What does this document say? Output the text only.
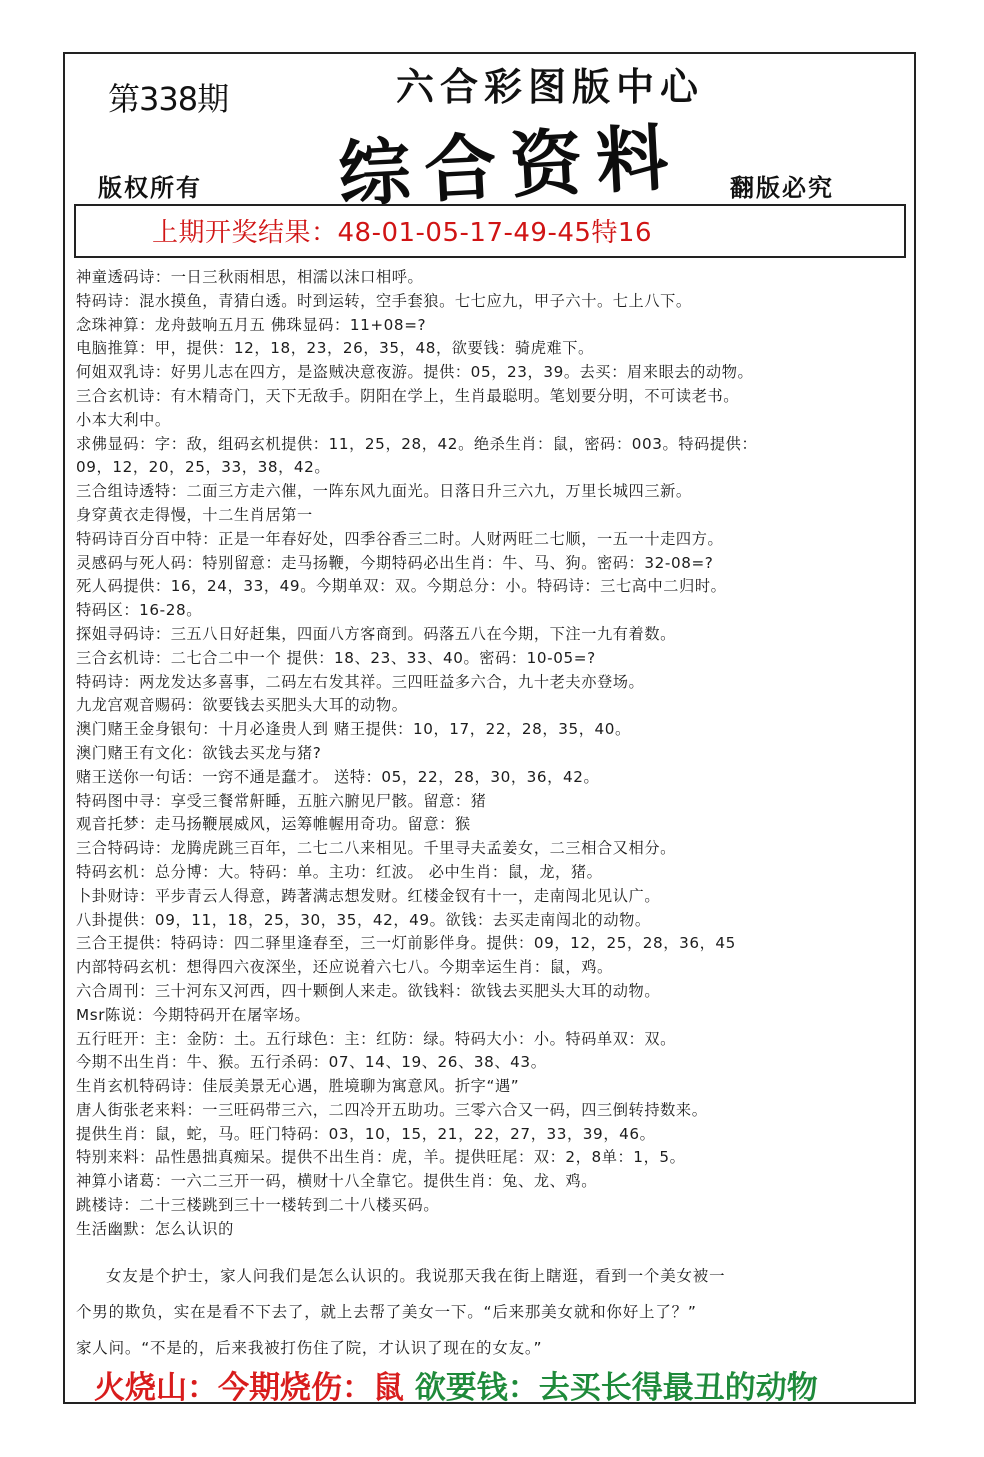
第338期	六合彩图版中心
综合资料
版权所有	翻版必究
上期开奖结果：48-01-05-17-49-45特16
神童透码诗：一日三秋雨相思，相濡以沫口相呼。
特码诗：混水摸鱼，青猜白透。时到运转，空手套狼。七七应九，甲子六十。七上八下。
念珠神算：龙舟鼓响五月五 佛珠显码：11+08=?
电脑推算：甲，提供：12，18，23，26，35，48，欲要钱：骑虎难下。
何姐双乳诗：好男儿志在四方，是盗贼决意夜游。提供：05，23，39。去买：眉来眼去的动物。
三合玄机诗：有木精奇门，天下无敌手。阴阳在学上，生肖最聪明。笔划要分明，不可读老书。
小本大利中。
求佛显码：字：敌，组码玄机提供：11，25，28，42。绝杀生肖：鼠，密码：003。特码提供：
09，12，20，25，33，38，42。
三合组诗透特：二面三方走六催，一阵东风九面光。日落日升三六九，万里长城四三新。
身穿黄衣走得慢，十二生肖居第一
特码诗百分百中特：正是一年春好处，四季谷香三二时。人财两旺二七顺，一五一十走四方。
灵感码与死人码：特别留意：走马扬鞭，今期特码必出生肖：牛、马、狗。密码：32-08=?
死人码提供：16，24，33，49。今期单双：双。今期总分：小。特码诗：三七高中二归时。
特码区：16-28。
探姐寻码诗：三五八日好赶集，四面八方客商到。码落五八在今期，下注一九有着数。
三合玄机诗：二七合二中一个 提供：18、23、33、40。密码：10-05=?
特码诗：两龙发达多喜事，二码左右发其祥。三四旺益多六合，九十老夫亦登场。
九龙宫观音赐码：欲要钱去买肥头大耳的动物。
澳门赌王金身银句：十月必逢贵人到 赌王提供：10，17，22，28，35，40。
澳门赌王有文化：欲钱去买龙与猪?
赌王送你一句话：一窍不通是蠢才。 送特：05，22，28，30，36，42。
特码图中寻：享受三餐常鼾睡，五脏六腑见尸骸。留意：猪
观音托梦：走马扬鞭展威风，运筹帷幄用奇功。留意：猴
三合特码诗：龙腾虎跳三百年，二七二八来相见。千里寻夫孟姜女，二三相合又相分。
特码玄机：总分博：大。特码：单。主功：红波。 必中生肖：鼠，龙，猪。
卜卦财诗：平步青云人得意，踌著满志想发财。红楼金钗有十一，走南闯北见认广。
八卦提供：09，11，18，25，30，35，42，49。欲钱：去买走南闯北的动物。
三合王提供：特码诗：四二驿里逢春至，三一灯前影伴身。提供：09，12，25，28，36，45
内部特码玄机：想得四六夜深坐，还应说着六七八。今期幸运生肖：鼠，鸡。
六合周刊：三十河东又河西，四十颗倒人来走。欲钱料：欲钱去买肥头大耳的动物。
Msr陈说：今期特码开在屠宰场。
五行旺开：主：金防：土。五行球色：主：红防：绿。特码大小：小。特码单双：双。
今期不出生肖：牛、猴。五行杀码：07、14、19、26、38、43。
生肖玄机特码诗：佳辰美景无心遇，胜境聊为寓意风。折字“遇”
唐人街张老来料：一三旺码带三六，二四冷开五助功。三零六合又一码，四三倒转持数来。
提供生肖：鼠，蛇，马。旺门特码：03，10，15，21，22，27，33，39，46。
特别来料：品性愚拙真痴呆。提供不出生肖：虎，羊。提供旺尾：双：2，8单：1，5。
神算小诸葛：一六二三开一码，横财十八全靠它。提供生肖：兔、龙、鸡。
跳楼诗：二十三楼跳到三十一楼转到二十八楼买码。
生活幽默：怎么认识的
女友是个护士，家人问我们是怎么认识的。我说那天我在街上瞎逛，看到一个美女被一
个男的欺负，实在是看不下去了，就上去帮了美女一下。“后来那美女就和你好上了？”
家人问。“不是的，后来我被打伤住了院，才认识了现在的女友。”
火烧山：今期烧伤：鼠 欲要钱：去买长得最丑的动物
